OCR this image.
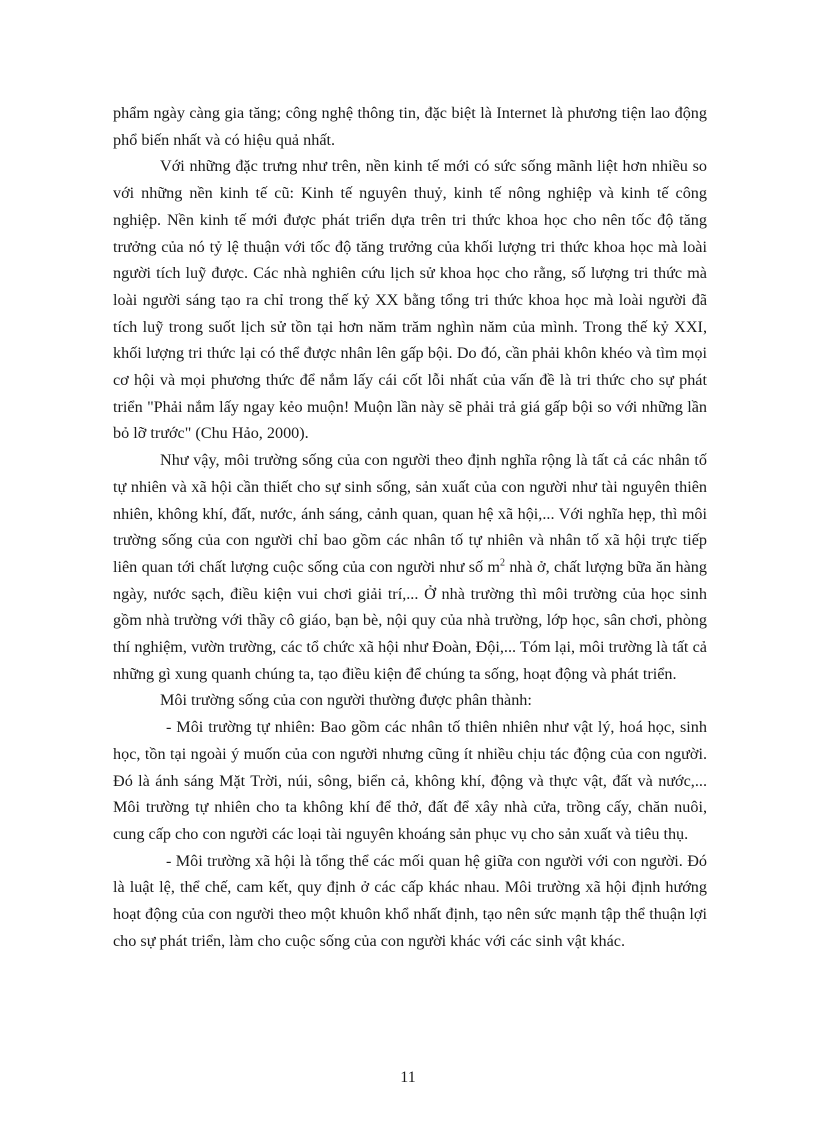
phẩm ngày càng gia tăng; công nghệ thông tin, đặc biệt là Internet là phương tiện lao động phổ biến nhất và có hiệu quả nhất.

Với những đặc trưng như trên, nền kinh tế mới có sức sống mãnh liệt hơn nhiều so với những nền kinh tế cũ: Kinh tế nguyên thuỷ, kinh tế nông nghiệp và kinh tế công nghiệp. Nền kinh tế mới được phát triển dựa trên tri thức khoa học cho nên tốc độ tăng trưởng của nó tỷ lệ thuận với tốc độ tăng trưởng của khối lượng tri thức khoa học mà loài người tích luỹ được. Các nhà nghiên cứu lịch sử khoa học cho rằng, số lượng tri thức mà loài người sáng tạo ra chỉ trong thế kỷ XX bằng tổng tri thức khoa học mà loài người đã tích luỹ trong suốt lịch sử tồn tại hơn năm trăm nghìn năm của mình. Trong thế kỷ XXI, khối lượng tri thức lại có thể được nhân lên gấp bội. Do đó, cần phải khôn khéo và tìm mọi cơ hội và mọi phương thức để nắm lấy cái cốt lỗi nhất của vấn đề là tri thức cho sự phát triển "Phải nắm lấy ngay kẻo muộn! Muộn lần này sẽ phải trả giá gấp bội so với những lần bỏ lỡ trước" (Chu Hảo, 2000).

Như vậy, môi trường sống của con người theo định nghĩa rộng là tất cả các nhân tố tự nhiên và xã hội cần thiết cho sự sinh sống, sản xuất của con người như tài nguyên thiên nhiên, không khí, đất, nước, ánh sáng, cảnh quan, quan hệ xã hội,... Với nghĩa hẹp, thì môi trường sống của con người chỉ bao gồm các nhân tố tự nhiên và nhân tố xã hội trực tiếp liên quan tới chất lượng cuộc sống của con người như số $m^2$ nhà ở, chất lượng bữa ăn hàng ngày, nước sạch, điều kiện vui chơi giải trí,... Ở nhà trường thì môi trường của học sinh gồm nhà trường với thầy cô giáo, bạn bè, nội quy của nhà trường, lớp học, sân chơi, phòng thí nghiệm, vườn trường, các tổ chức xã hội như Đoàn, Đội,... Tóm lại, môi trường là tất cả những gì xung quanh chúng ta, tạo điều kiện để chúng ta sống, hoạt động và phát triển.

Môi trường sống của con người thường được phân thành:

- Môi trường tự nhiên: Bao gồm các nhân tố thiên nhiên như vật lý, hoá học, sinh học, tồn tại ngoài ý muốn của con người nhưng cũng ít nhiều chịu tác động của con người. Đó là ánh sáng Mặt Trời, núi, sông, biển cả, không khí, động và thực vật, đất và nước,... Môi trường tự nhiên cho ta không khí để thở, đất để xây nhà cửa, trồng cấy, chăn nuôi, cung cấp cho con người các loại tài nguyên khoáng sản phục vụ cho sản xuất và tiêu thụ.

- Môi trường xã hội là tổng thể các mối quan hệ giữa con người với con người. Đó là luật lệ, thể chế, cam kết, quy định ở các cấp khác nhau. Môi trường xã hội định hướng hoạt động của con người theo một khuôn khổ nhất định, tạo nên sức mạnh tập thể thuận lợi cho sự phát triển, làm cho cuộc sống của con người khác với các sinh vật khác.

11
